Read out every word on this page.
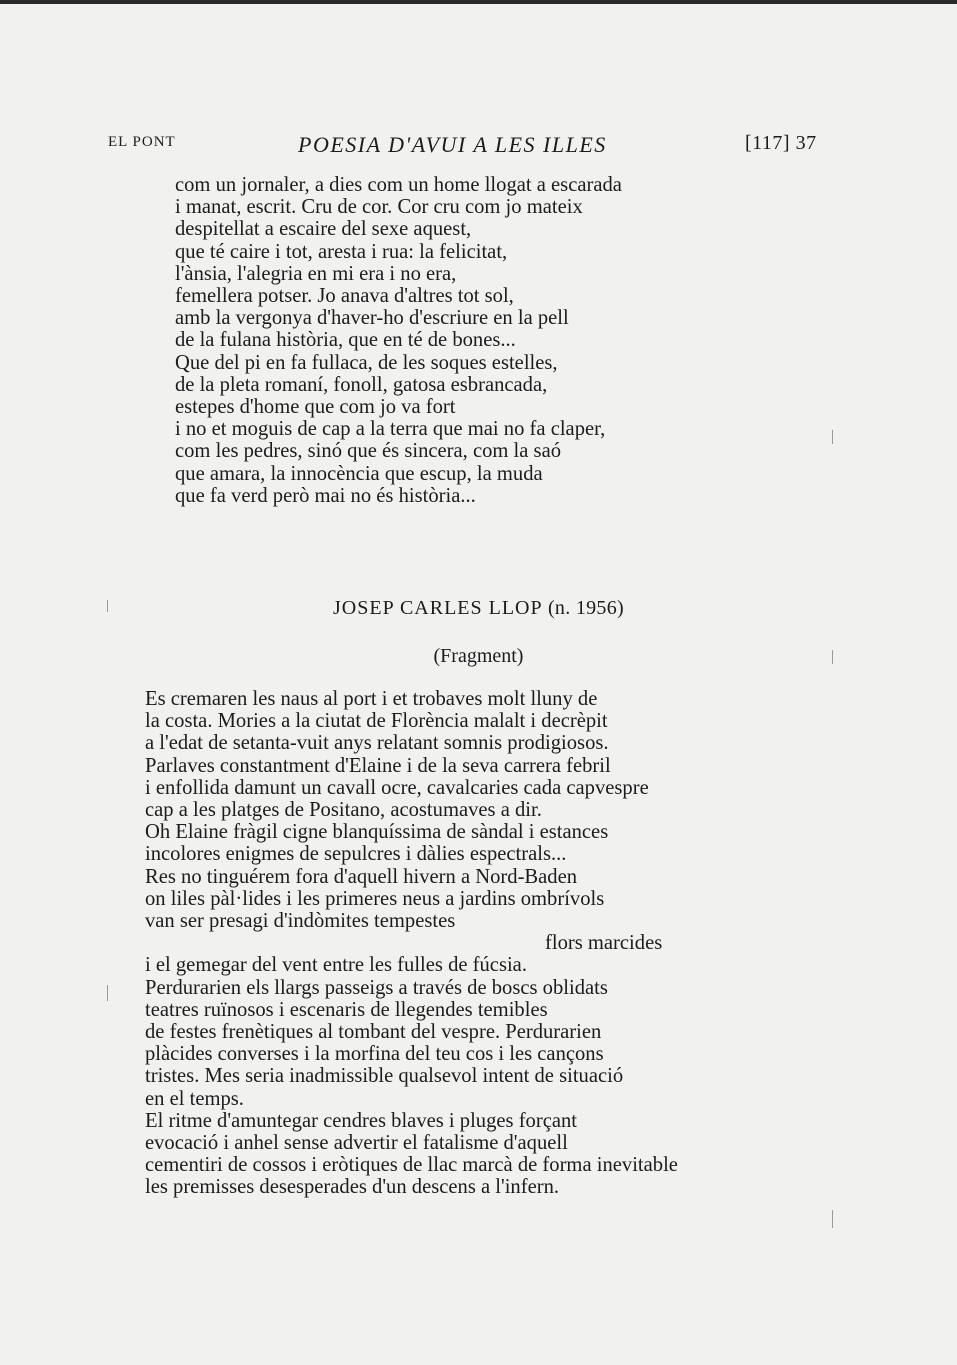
EL PONT	POESIA D'AVUI A LES ILLES	[117] 37
com un jornaler, a dies com un home llogat a escarada
i manat, escrit. Cru de cor. Cor cru com jo mateix
despitellat a escaire del sexe aquest,
que té caire i tot, aresta i rua: la felicitat,
l'ànsia, l'alegria en mi era i no era,
femellera potser. Jo anava d'altres tot sol,
amb la vergonya d'haver-ho d'escriure en la pell
de la fulana història, que en té de bones...
Que del pi en fa fullaca, de les soques estelles,
de la pleta romaní, fonoll, gatosa esbrancada,
estepes d'home que com jo va fort
i no et moguis de cap a la terra que mai no fa claper,
com les pedres, sinó que és sincera, com la saó
que amara, la innocència que escup, la muda
que fa verd però mai no és història...
JOSEP CARLES LLOP (n. 1956)
(Fragment)
Es cremaren les naus al port i et trobaves molt lluny de
la costa. Mories a la ciutat de Florència malalt i decrèpit
a l'edat de setanta-vuit anys relatant somnis prodigiosos.
Parlaves constantment d'Elaine i de la seva carrera febril
i enfollida damunt un cavall ocre, cavalcaries cada capvespre
cap a les platges de Positano, acostumaves a dir.
Oh Elaine fràgil cigne blanquíssima de sàndal i estances
incolores enigmes de sepulcres i dàlies espectrals...
Res no tinguérem fora d'aquell hivern a Nord-Baden
on liles pàl·lides i les primeres neus a jardins ombrívols
van ser presagi d'indòmites tempestes
flors marcides
i el gemegar del vent entre les fulles de fúcsia.
Perdurarien els llargs passeigs a través de boscs oblidats
teatres ruïnosos i escenaris de llegendes temibles
de festes frenètiques al tombant del vespre. Perdurarien
plàcides converses i la morfina del teu cos i les cançons
tristes. Mes seria inadmissible qualsevol intent de situació
en el temps.
El ritme d'amuntegar cendres blaves i pluges forçant
evocació i anhel sense advertir el fatalisme d'aquell
cementiri de cossos i eròtiques de llac marcà de forma inevitable
les premisses desesperades d'un descens a l'infern.
